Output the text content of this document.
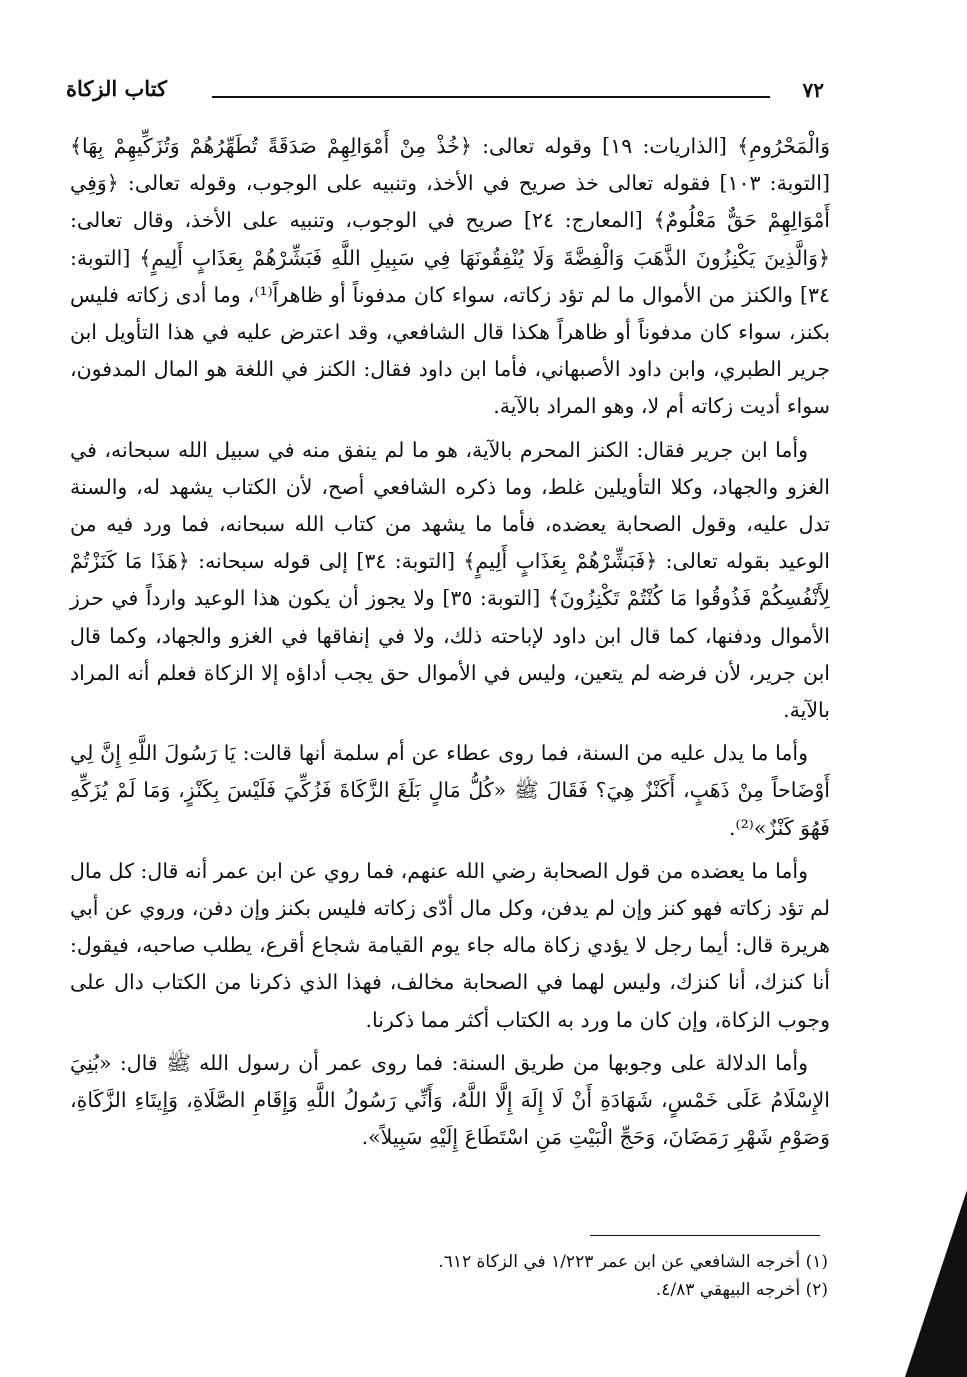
٧٢
كتاب الزكاة

وَالْمَحْرُومِ﴾ [الذاريات: ١٩] وقوله تعالى: ﴿خُذْ مِنْ أَمْوَالِهِمْ صَدَقَةً تُطَهِّرُهُمْ وَتُزَكِّيهِمْ بِهَا﴾ [التوبة: ١٠٣] فقوله تعالى خذ صريح في الأخذ، وتنبيه على الوجوب، وقوله تعالى: ﴿وَفِي أَمْوَالِهِمْ حَقٌّ مَعْلُومٌ﴾ [المعارج: ٢٤] صريح في الوجوب، وتنبيه على الأخذ، وقال تعالى: ﴿وَالَّذِينَ يَكْنِزُونَ الذَّهَبَ وَالْفِضَّةَ وَلَا يُنْفِقُونَهَا فِي سَبِيلِ اللَّهِ فَبَشِّرْهُمْ بِعَذَابٍ أَلِيمٍ﴾ [التوبة: ٣٤] والكنز من الأموال ما لم تؤد زكاته، سواء كان مدفوناً أو ظاهراً⁽¹⁾، وما أدى زكاته فليس بكنز، سواء كان مدفوناً أو ظاهراً هكذا قال الشافعي، وقد اعترض عليه في هذا التأويل ابن جرير الطبري، وابن داود الأصبهاني، فأما ابن داود فقال: الكنز في اللغة هو المال المدفون، سواء أديت زكاته أم لا، وهو المراد بالآية.

وأما ابن جرير فقال: الكنز المحرم بالآية، هو ما لم ينفق منه في سبيل الله سبحانه، في الغزو والجهاد، وكلا التأويلين غلط، وما ذكره الشافعي أصح، لأن الكتاب يشهد له، والسنة تدل عليه، وقول الصحابة يعضده، فأما ما يشهد من كتاب الله سبحانه، فما ورد فيه من الوعيد بقوله تعالى: ﴿فَبَشِّرْهُمْ بِعَذَابٍ أَلِيمٍ﴾ [التوبة: ٣٤] إلى قوله سبحانه: ﴿هَذَا مَا كَنَزْتُمْ لِأَنْفُسِكُمْ فَذُوقُوا مَا كُنْتُمْ تَكْنِزُونَ﴾ [التوبة: ٣٥] ولا يجوز أن يكون هذا الوعيد وارداً في حرز الأموال ودفنها، كما قال ابن داود لإباحته ذلك، ولا في إنفاقها في الغزو والجهاد، وكما قال ابن جرير، لأن فرضه لم يتعين، وليس في الأموال حق يجب أداؤه إلا الزكاة فعلم أنه المراد بالآية.

وأما ما يدل عليه من السنة، فما روى عطاء عن أم سلمة أنها قالت: يَا رَسُولَ اللَّهِ إِنَّ لِي أَوْضَاحاً مِنْ ذَهَبٍ، أَكَنْزٌ هِيَ؟ فَقَالَ ﷺ «كُلُّ مَالٍ بَلَغَ الزَّكَاةَ فَزُكِّيَ فَلَيْسَ بِكَنْزٍ، وَمَا لَمْ يُزَكِّهِ فَهُوَ كَنْزٌ»⁽²⁾.

وأما ما يعضده من قول الصحابة رضي الله عنهم، فما روي عن ابن عمر أنه قال: كل مال لم تؤد زكاته فهو كنز وإن لم يدفن، وكل مال أدّى زكاته فليس بكنز وإن دفن، وروي عن أبي هريرة قال: أيما رجل لا يؤدي زكاة ماله جاء يوم القيامة شجاع أقرع، يطلب صاحبه، فيقول: أنا كنزك، أنا كنزك، وليس لهما في الصحابة مخالف، فهذا الذي ذكرنا من الكتاب دال على وجوب الزكاة، وإن كان ما ورد به الكتاب أكثر مما ذكرنا.

وأما الدلالة على وجوبها من طريق السنة: فما روى عمر أن رسول الله ﷺ قال: «بُنِيَ الإِسْلَامُ عَلَى خَمْسٍ، شَهَادَةِ أَنْ لَا إِلَهَ إِلَّا اللَّهُ، وَأَنِّي رَسُولُ اللَّهِ وَإِقَامِ الصَّلَاةِ، وَإِيتَاءِ الزَّكَاةِ، وَصَوْمِ شَهْرِ رَمَضَانَ، وَحَجِّ الْبَيْتِ مَنِ اسْتَطَاعَ إِلَيْهِ سَبِيلاً».

(١) أخرجه الشافعي عن ابن عمر ١/٢٢٣ في الزكاة ٦١٢.

(٢) أخرجه البيهقي ٤/٨٣.
